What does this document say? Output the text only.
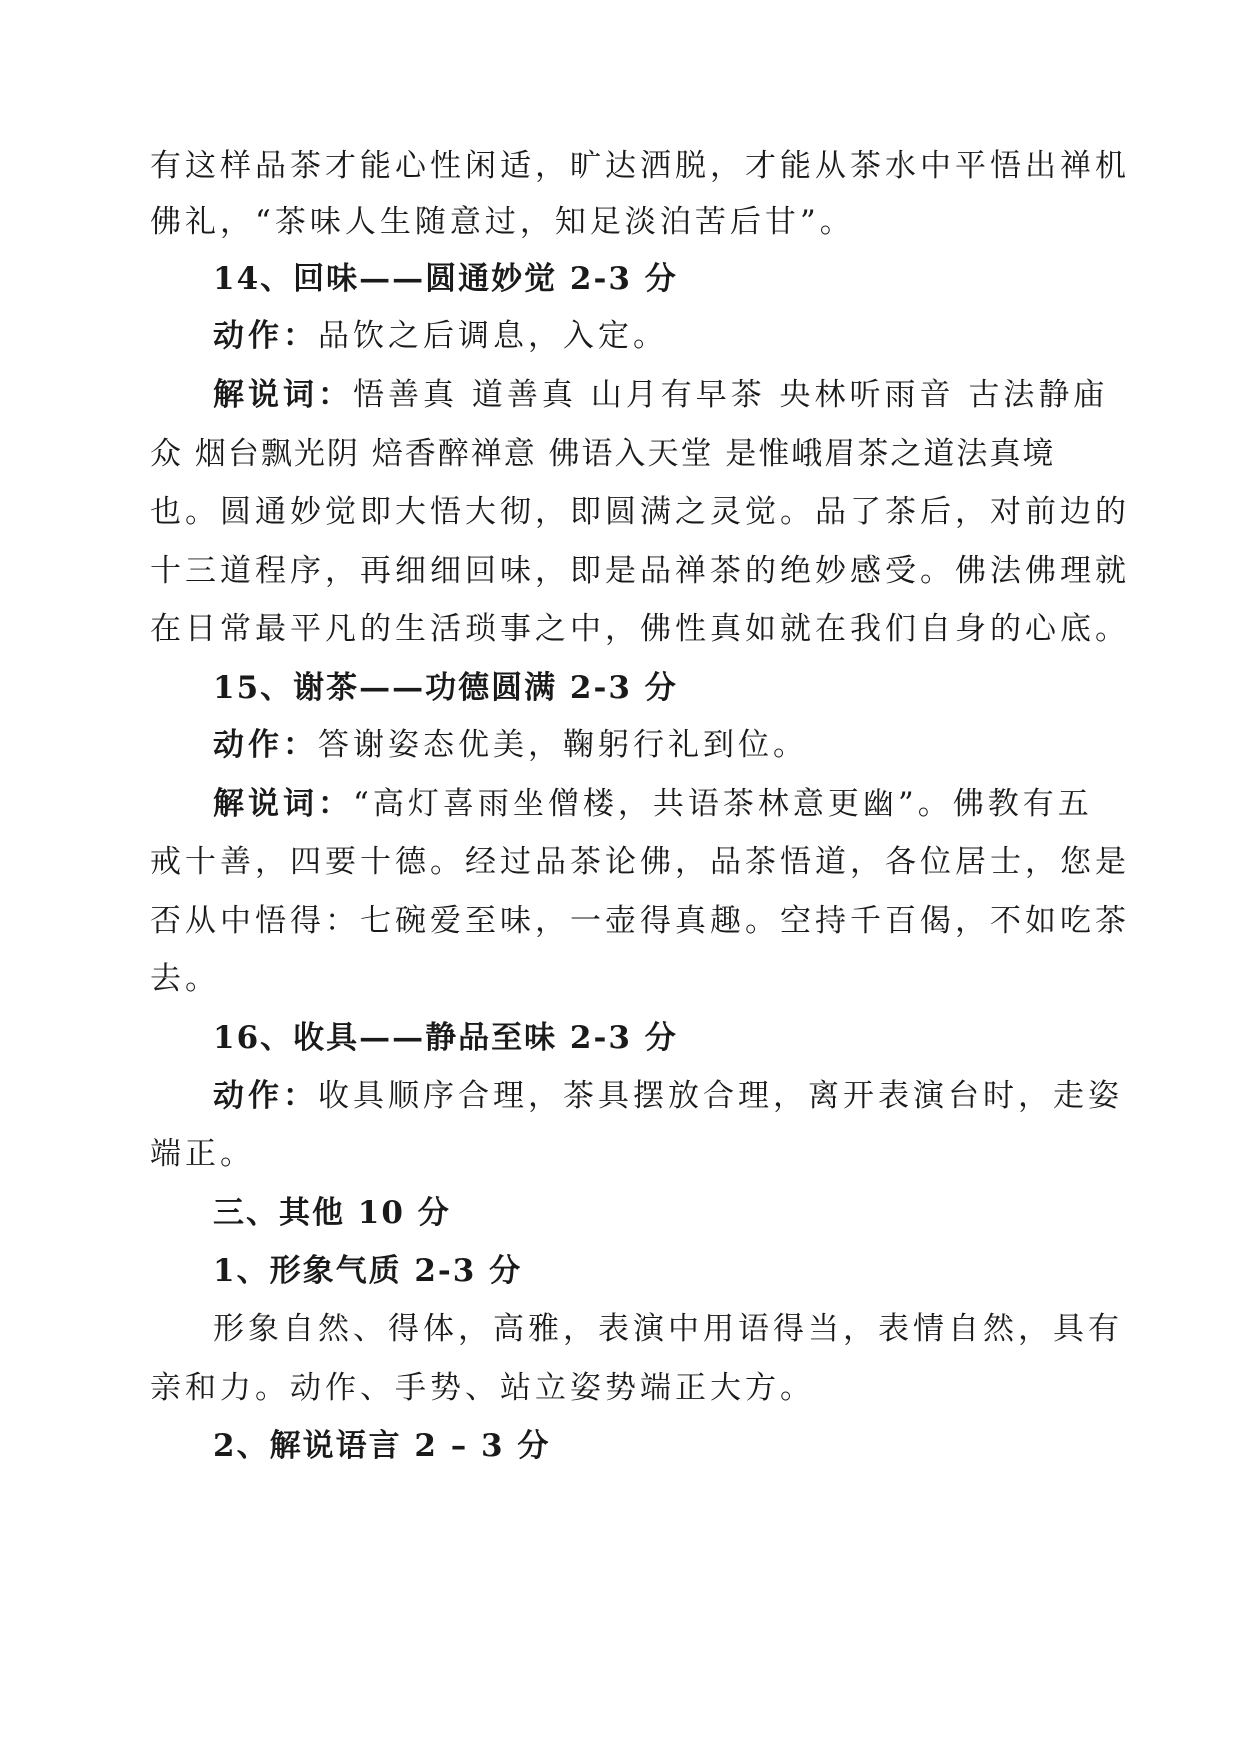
有这样品茶才能心性闲适，旷达洒脱，才能从茶水中平悟出禅机
佛礼，“茶味人生随意过，知足淡泊苦后甘”。
14、回味——圆通妙觉 2-3 分
动作：品饮之后调息，入定。
解说词：悟善真 道善真 山月有早茶 央林听雨音 古法静庙
众 烟台飘光阴 焙香醉禅意 佛语入天堂 是惟峨眉茶之道法真境
也。圆通妙觉即大悟大彻，即圆满之灵觉。品了茶后，对前边的
十三道程序，再细细回味，即是品禅茶的绝妙感受。佛法佛理就
在日常最平凡的生活琐事之中，佛性真如就在我们自身的心底。
15、谢茶——功德圆满 2-3 分
动作：答谢姿态优美，鞠躬行礼到位。
解说词：“高灯喜雨坐僧楼，共语茶林意更幽”。佛教有五
戒十善，四要十德。经过品茶论佛，品茶悟道，各位居士，您是
否从中悟得：七碗爱至味，一壶得真趣。空持千百偈，不如吃茶
去。
16、收具——静品至味 2-3 分
动作：收具顺序合理，茶具摆放合理，离开表演台时，走姿
端正。
三、其他 10 分
1、形象气质 2-3 分
形象自然、得体，高雅，表演中用语得当，表情自然，具有
亲和力。动作、手势、站立姿势端正大方。
2、解说语言 2 – 3 分
